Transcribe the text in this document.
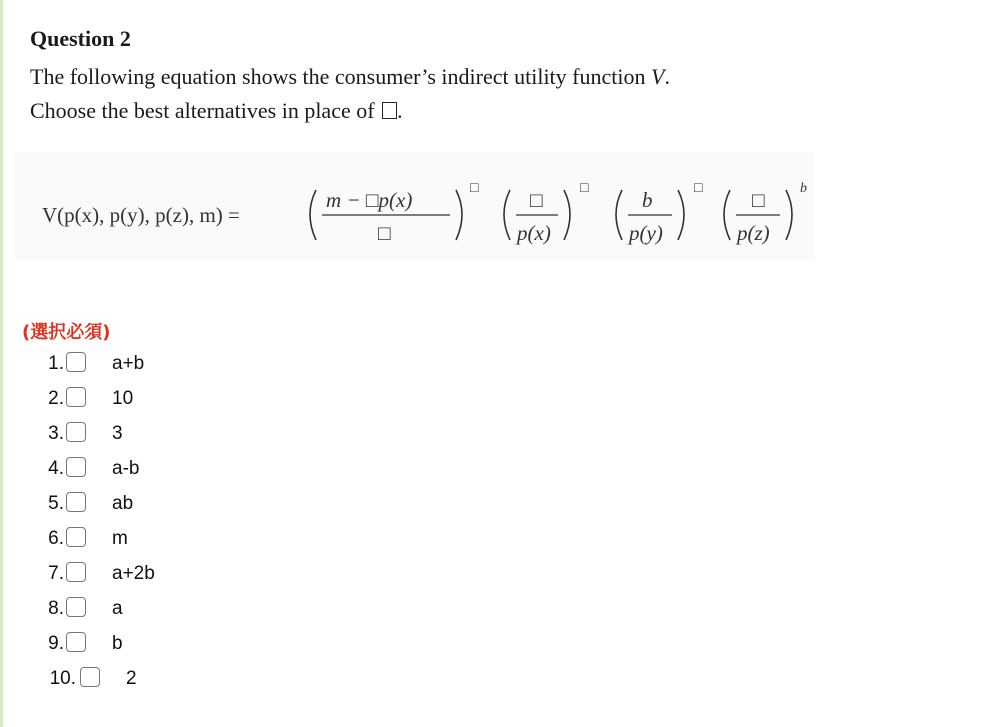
Question 2
The following equation shows the consumer’s indirect utility function V.
Choose the best alternatives in place of .
V(p(x), p(y), p(z), m) =
m − □p(x)
□
□ □
p(x)
□	b
p(y)
□ □
p(z)
b
(選択必須)
1.	a+b
2.	10
3.	3
4.	a-b
5.	ab
6.	m
7.	a+2b
8.	a
9.	b
10.	2
